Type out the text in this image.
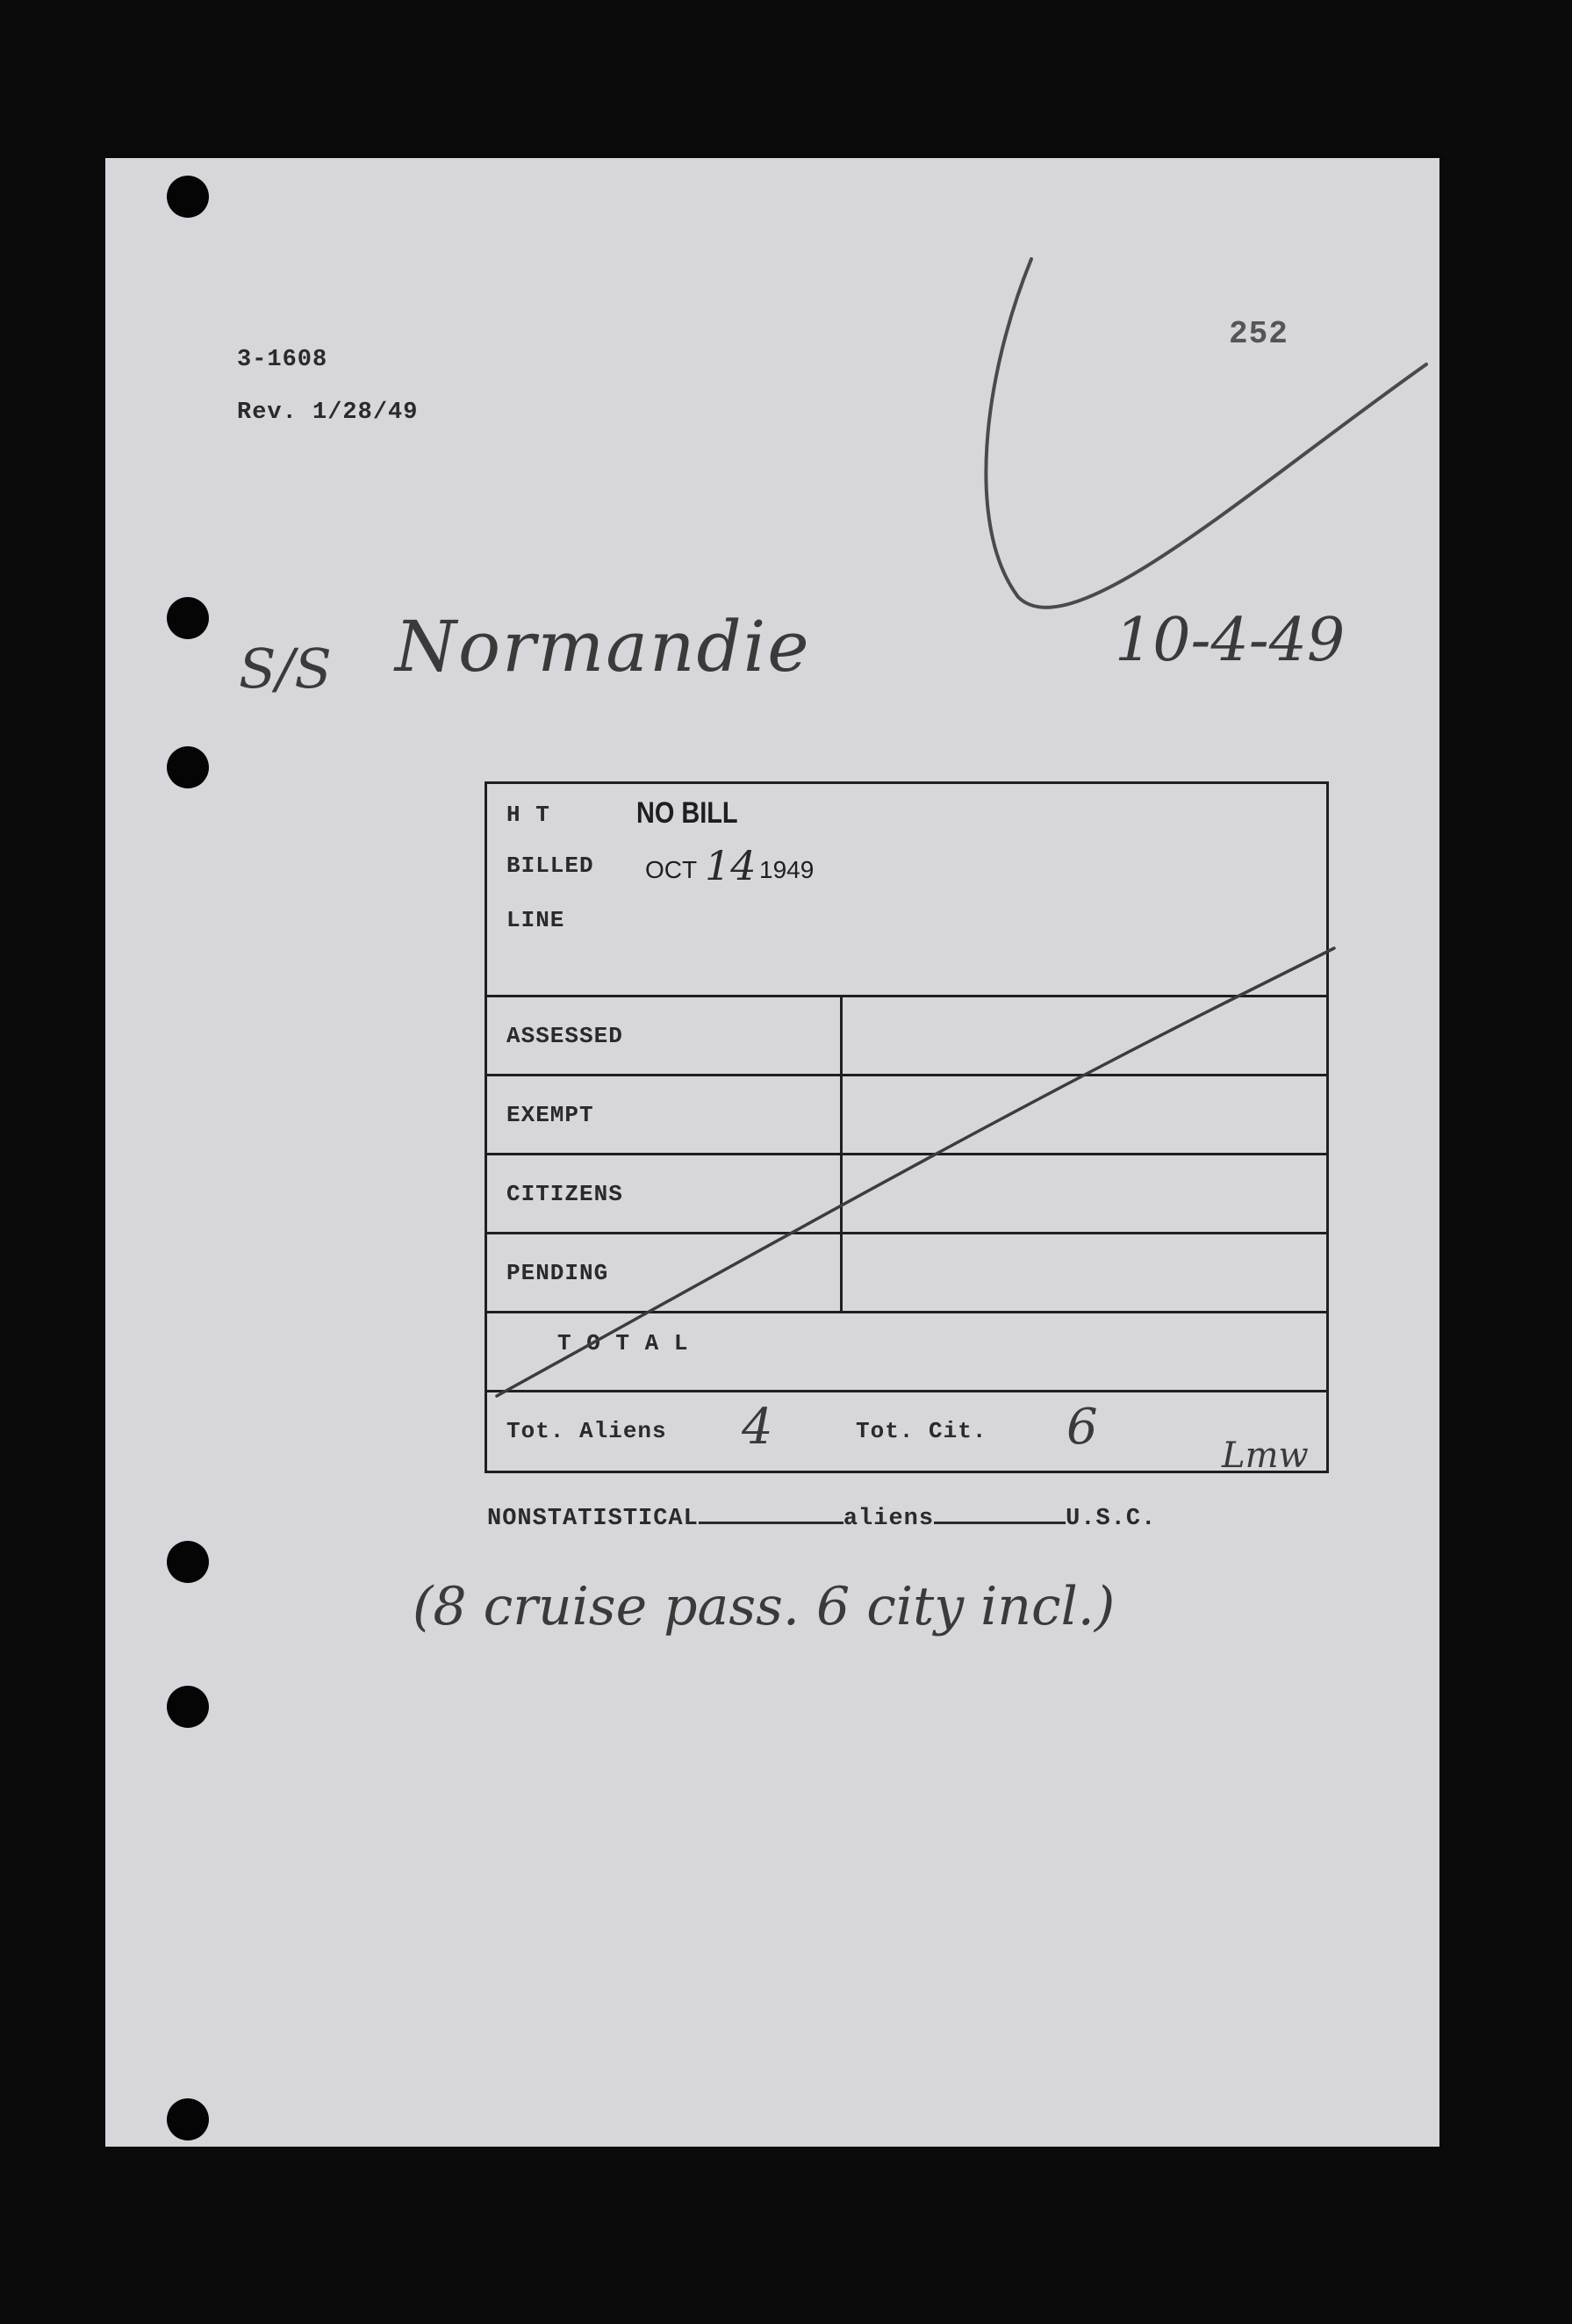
3-1608
Rev. 1/28/49
252
S/S Normandie	10-4-49
H T	NO BILL
BILLED OCT 14 1949
LINE
ASSESSED
EXEMPT
CITIZENS
PENDING
T O T A L
Tot. Aliens 4	Tot. Cit. 6	Lmw
NONSTATISTICAL	aliens	U.S.C.
(8 cruise pass. 6 city incl.)
